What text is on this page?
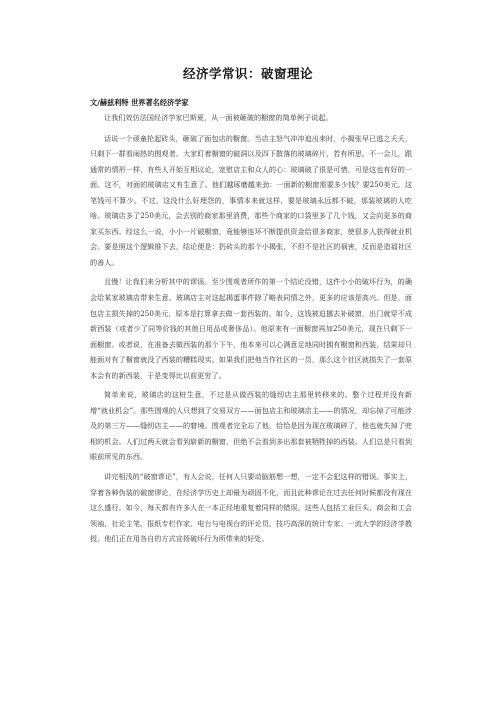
经济学常识：破窗理论
文/赫兹利特 世界著名经济学家

让我们效仿法国经济学家巴斯夏，从一面被砸破的橱窗的简单例子说起。

话说一个顽童抡起砖头，砸破了面包店的橱窗。当店主怒气冲冲追出来时，小揭张早已逃之夭夭，只剩下一群看闹热的围观者。大家盯着橱窗的破洞以及四下散落的玻璃碎片，若有所思。不一会儿，跟通常的情形一样，有些人开始互相议论，宽慰店主和众人的心：玻璃破了很是可惜，可是这也有好的一面。这不，对面的玻璃店又有生意了。他们越琢磨越来劲：一面新的橱窗需要多少钱？要250美元。这笔钱可不算少。不过，这没什么好埋怨的，事情本来就这样，要是玻璃永远都不破，那装玻璃的人吃啥。玻璃店多了250美元，会去别的商家那里消费，那些个商家的口袋里多了几个钱，又会向更多的商家买东西。经这么一说，小小一片破橱窗，竟能够连环不断提供资金给很多商家，使很多人获得就业机会。要是照这个逻辑推下去，结论便是：扔砖头的那个小揭张，不但不是社区的祸害，反而是造福社区的善人。

且慢！让我们来分析其中的谬误。至少围观者所作的第一个结论没错，这件小小的破坏行为，的确会给某家玻璃店带来生意。玻璃店主对这起揭蛋事件除了略表同情之外，更多的应该是高兴。但是，面包店主损失掉的250美元，原本是打算拿去做一套西装的。如今，这钱被迫挪去补破窗，出门就穿不成新西装（或者少了同等价钱的其他日用品或奢侈品）。他原来有一面橱窗再加250美元，现在只剩下一面橱窗。或者说，在准备去做西装的那个下午，他本来可以心满意足地同时拥有橱窗和西装，结果却只能面对有了橱窗就没了西装的糟糕现实。如果我们把他当作社区的一员，那么这个社区就损失了一套原本会有的新西装，于是变得比以前更穷了。

简单来说，玻璃店的这桩生意，不过是从做西装的缝纫店主那里转移来的。整个过程并没有新增“就业机会”。那些围观的人只想到了交易双方——面包店主和玻璃店主——的情况，却忘掉了可能涉及的第三方——缝纫店主——的窘境。围观者完全忘了他，恰恰是因为现在玻璃碎了，他也就失掉了兜相的机会。人们过两天就会看到崭新的橱窗，但绝不会看到多出那套被牺牲掉的西装。人们总是只看到眼前所见的东西。

讲完相浅的“破窗谬论”，有人会说，任何人只要动脑筋想一想，一定不会犯这样的错误。事实上，穿着各种伪装的破窗谬论，在经济学历史上却最为顽固不化，而且此种谬论在过去任何时候都没有现在这么盛行。如今，每天都有许多人在一本正经地重复着同样的错误。这些人包括工业巨头、商会和工会领袖、社论主笔、报纸专栏作家、电台与电视台的评论员、技巧高深的统计专家、一流大学的经济学教授。他们正在用各自的方式宣扬破坏行为所带来的好处。
